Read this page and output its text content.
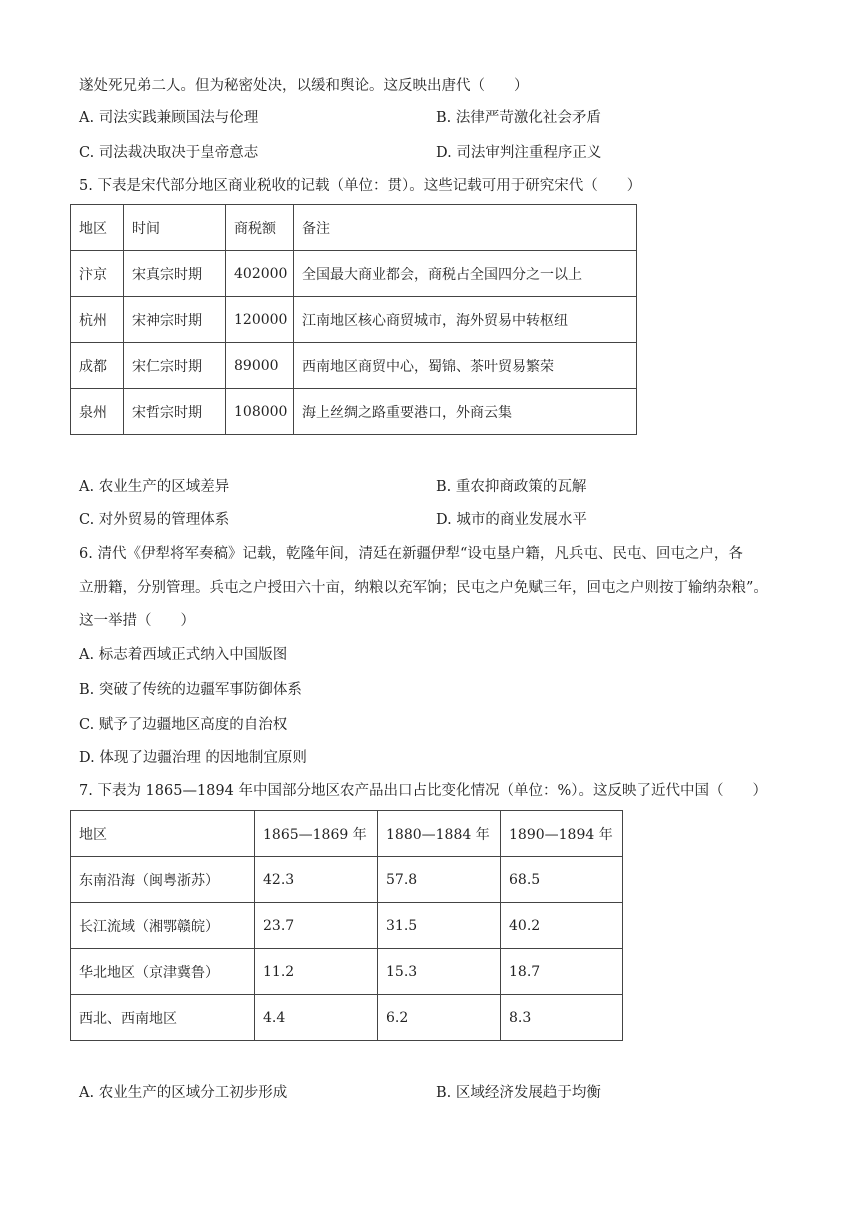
遂处死兄弟二人。但为秘密处决，以缓和舆论。这反映出唐代（　　）
A. 司法实践兼顾国法与伦理	B. 法律严苛激化社会矛盾
C. 司法裁决取决于皇帝意志	D. 司法审判注重程序正义
5. 下表是宋代部分地区商业税收的记载（单位：贯）。这些记载可用于研究宋代（　　）
地区	时间	商税额	备注
汴京	宋真宗时期	402000	全国最大商业都会，商税占全国四分之一以上
杭州	宋神宗时期	120000	江南地区核心商贸城市，海外贸易中转枢纽
成都	宋仁宗时期	89000	西南地区商贸中心，蜀锦、茶叶贸易繁荣
泉州	宋哲宗时期	108000	海上丝绸之路重要港口，外商云集
A. 农业生产的区域差异	B. 重农抑商政策的瓦解
C. 对外贸易的管理体系	D. 城市的商业发展水平
6. 清代《伊犁将军奏稿》记载，乾隆年间，清廷在新疆伊犁“设屯垦户籍，凡兵屯、民屯、回屯之户，各
立册籍，分别管理。兵屯之户授田六十亩，纳粮以充军饷；民屯之户免赋三年，回屯之户则按丁输纳杂粮”。
这一举措（　　）
A. 标志着西域正式纳入中国版图
B. 突破了传统的边疆军事防御体系
C. 赋予了边疆地区高度的自治权
D. 体现了边疆治理 的因地制宜原则
7. 下表为 1865—1894 年中国部分地区农产品出口占比变化情况（单位：%）。这反映了近代中国（　　）
地区	1865—1869 年	1880—1884 年	1890—1894 年
东南沿海（闽粤浙苏）	42.3	57.8	68.5
长江流域（湘鄂赣皖）	23.7	31.5	40.2
华北地区（京津冀鲁）	11.2	15.3	18.7
西北、西南地区	4.4	6.2	8.3
A. 农业生产的区域分工初步形成	B. 区域经济发展趋于均衡
